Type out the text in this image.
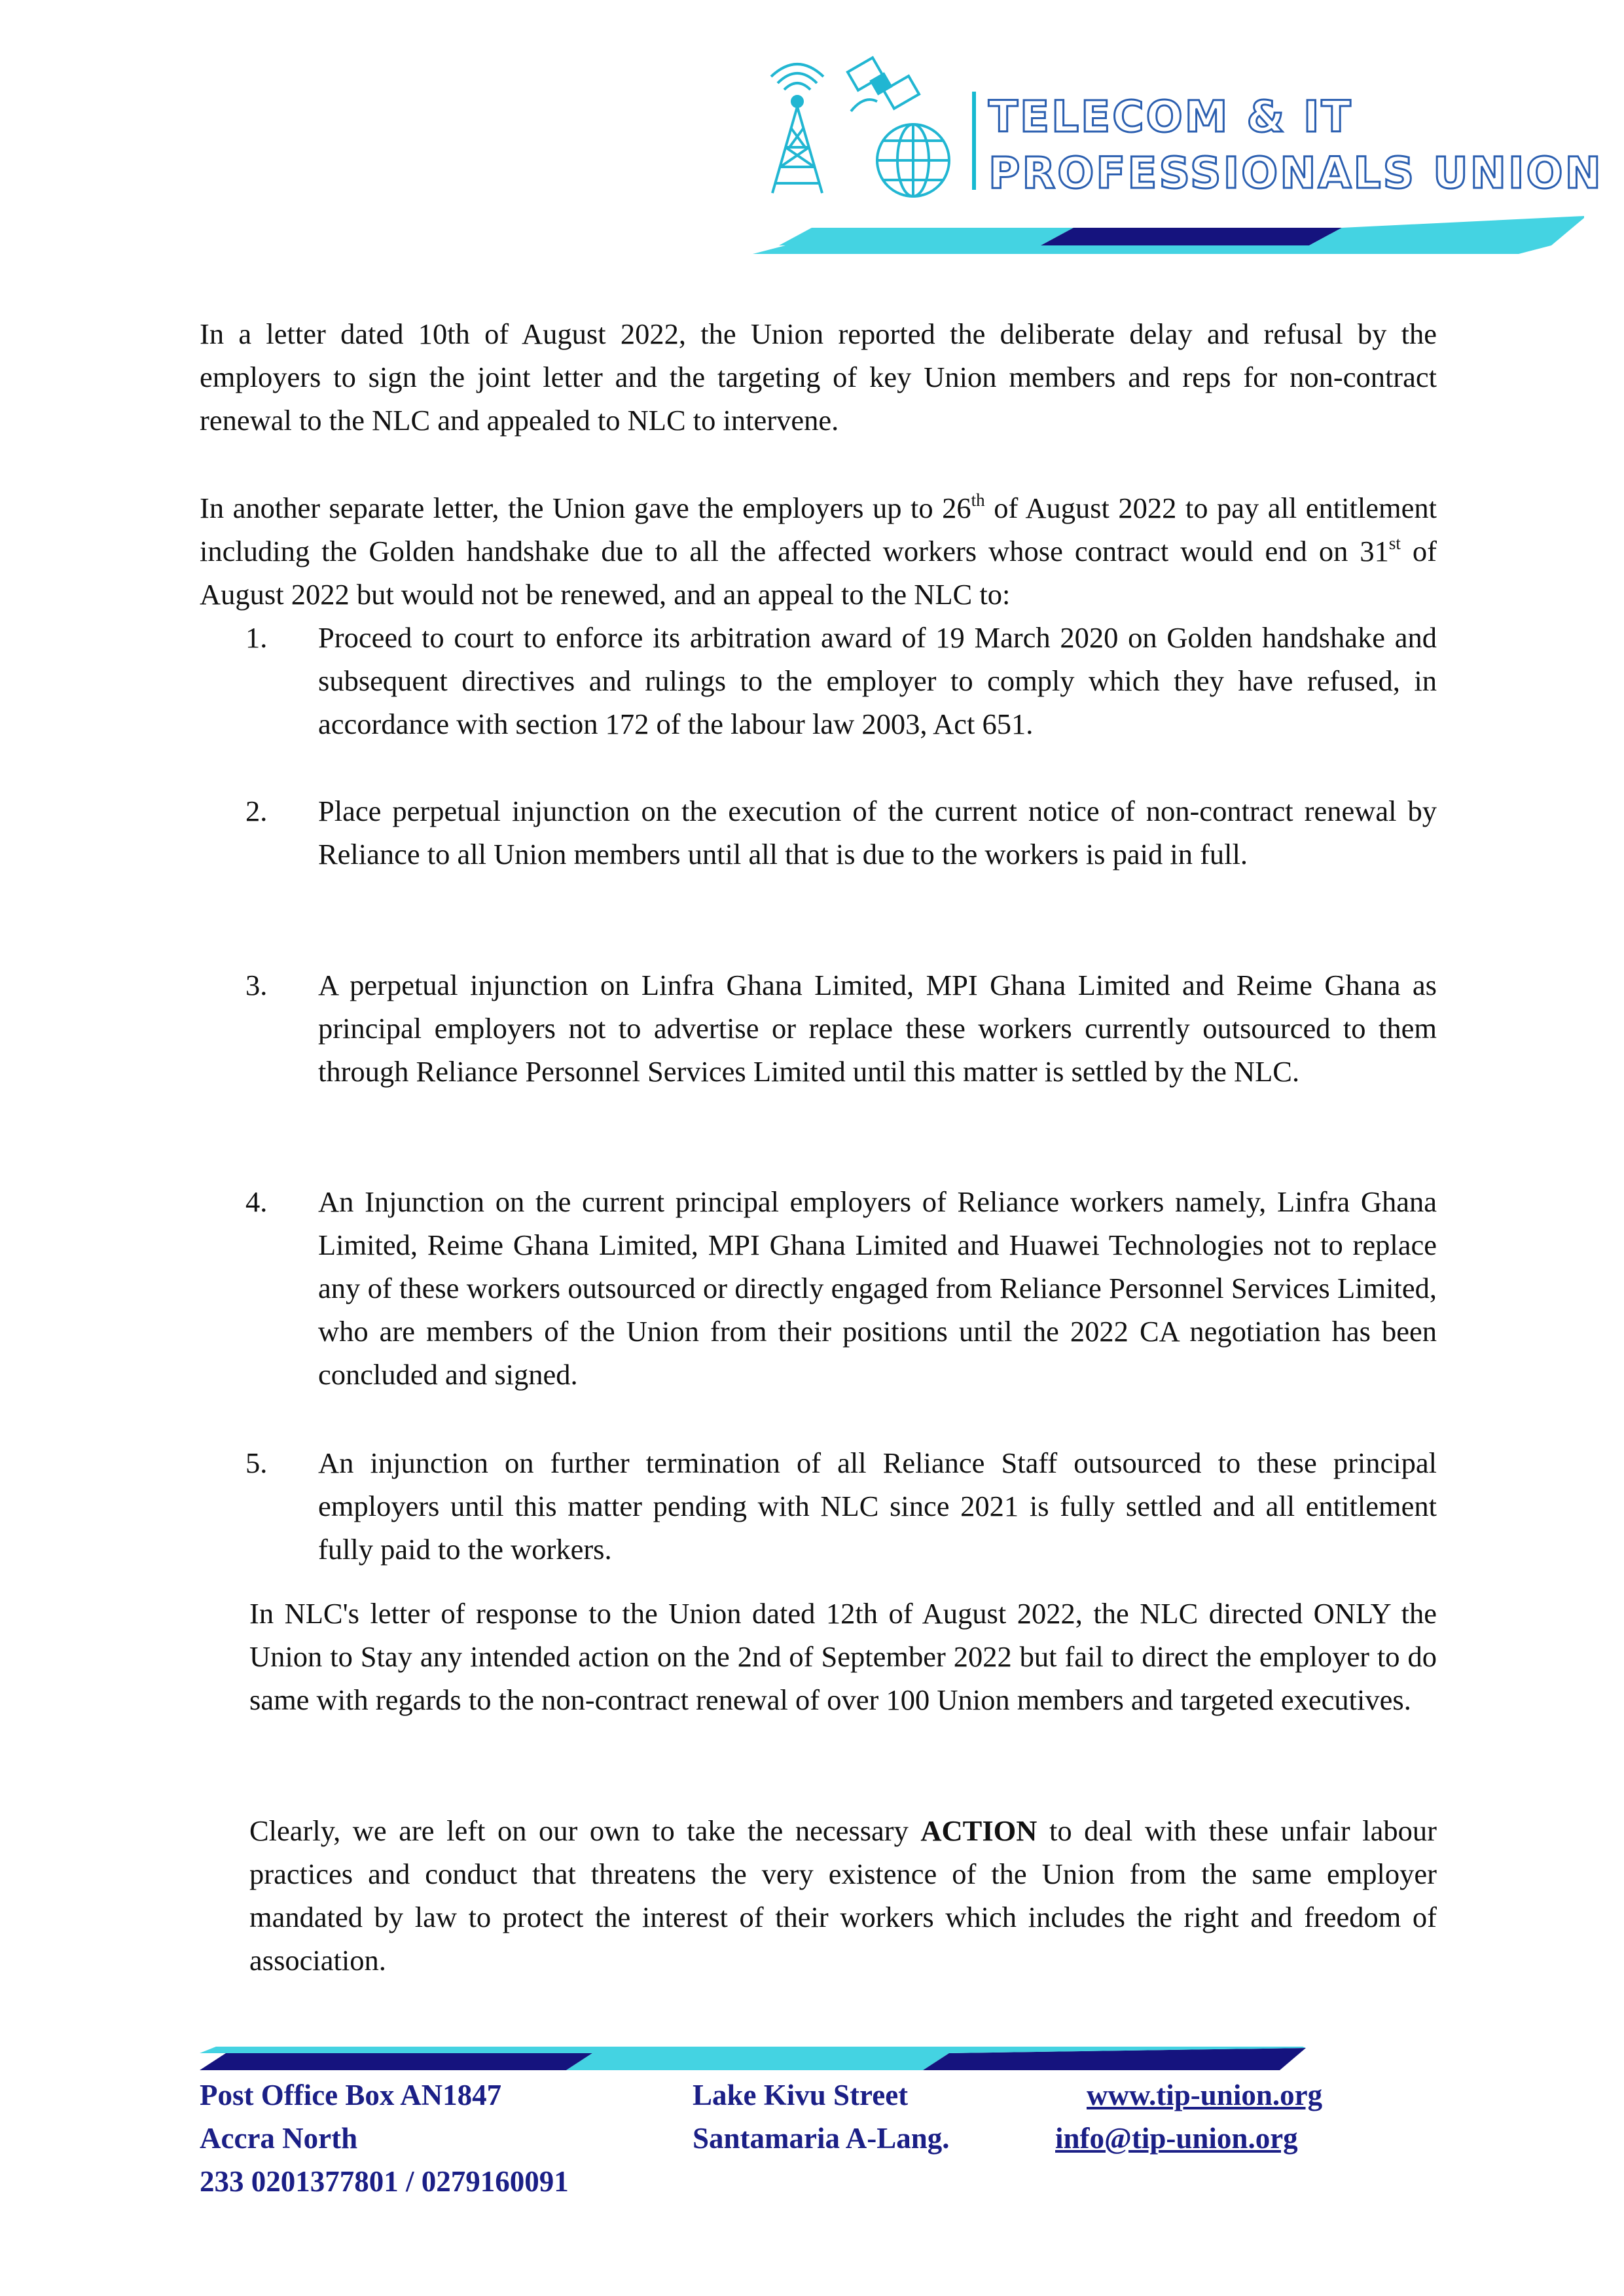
TELECOM & IT
PROFESSIONALS UNION

In a letter dated 10th of August 2022, the Union reported the deliberate delay and refusal by the employers to sign the joint letter and the targeting of key Union members and reps for non-contract renewal to the NLC and appealed to NLC to intervene.

In another separate letter, the Union gave the employers up to 26th of August 2022 to pay all entitlement including the Golden handshake due to all the affected workers whose contract would end on 31st of August 2022 but would not be renewed, and an appeal to the NLC to:

1. Proceed to court to enforce its arbitration award of 19 March 2020 on Golden handshake and subsequent directives and rulings to the employer to comply which they have refused, in accordance with section 172 of the labour law 2003, Act 651.

2. Place perpetual injunction on the execution of the current notice of non-contract renewal by Reliance to all Union members until all that is due to the workers is paid in full.

3. A perpetual injunction on Linfra Ghana Limited, MPI Ghana Limited and Reime Ghana as principal employers not to advertise or replace these workers currently outsourced to them through Reliance Personnel Services Limited until this matter is settled by the NLC.

4. An Injunction on the current principal employers of Reliance workers namely, Linfra Ghana Limited, Reime Ghana Limited, MPI Ghana Limited and Huawei Technologies not to replace any of these workers outsourced or directly engaged from Reliance Personnel Services Limited, who are members of the Union from their positions until the 2022 CA negotiation has been concluded and signed.

5. An injunction on further termination of all Reliance Staff outsourced to these principal employers until this matter pending with NLC since 2021 is fully settled and all entitlement fully paid to the workers.

In NLC's letter of response to the Union dated 12th of August 2022, the NLC directed ONLY the Union to Stay any intended action on the 2nd of September 2022 but fail to direct the employer to do same with regards to the non-contract renewal of over 100 Union members and targeted executives.

Clearly, we are left on our own to take the necessary ACTION to deal with these unfair labour practices and conduct that threatens the very existence of the Union from the same employer mandated by law to protect the interest of their workers which includes the right and freedom of association.

Post Office Box AN1847
Accra North
233 0201377801 / 0279160091
Lake Kivu Street
Santamaria A-Lang.
www.tip-union.org
info@tip-union.org
